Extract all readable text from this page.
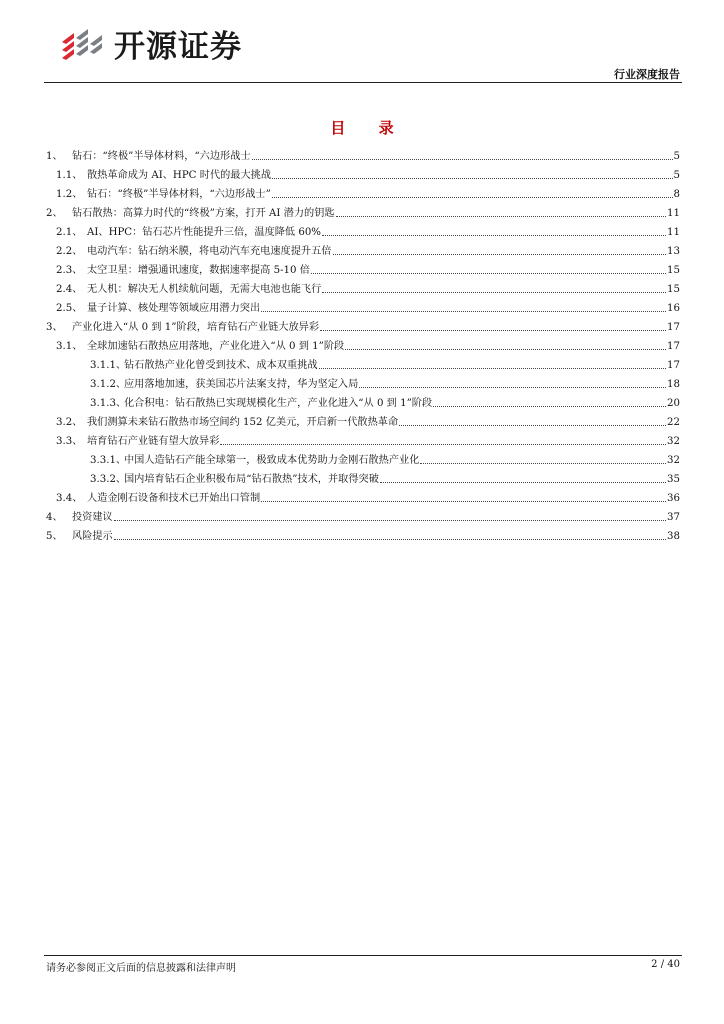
开源证券
行业深度报告
目 录
1、 钻石：“终极”半导体材料，“六边形战士	5
1.1、 散热革命成为 AI、HPC 时代的最大挑战	5
1.2、 钻石：“终极”半导体材料，“六边形战士”	8
2、 钻石散热：高算力时代的“终极”方案，打开 AI 潜力的钥匙	11
2.1、 AI、HPC：钻石芯片性能提升三倍，温度降低 60%	11
2.2、 电动汽车：钻石纳米膜，将电动汽车充电速度提升五倍	13
2.3、 太空卫星：增强通讯速度，数据速率提高 5-10 倍	15
2.4、 无人机：解决无人机续航问题，无需大电池也能飞行	15
2.5、 量子计算、核处理等领域应用潜力突出	16
3、 产业化进入“从 0 到 1”阶段，培育钻石产业链大放异彩	17
3.1、 全球加速钻石散热应用落地，产业化进入“从 0 到 1”阶段	17
3.1.1、
钻石散热产业化曾受到技术、成本双重挑战	17
3.1.2、
应用落地加速，获美国芯片法案支持，华为坚定入局	18
3.1.3、
化合积电：钻石散热已实现规模化生产，产业化进入“从 0 到 1”阶段	20
3.2、 我们测算未来钻石散热市场空间约 152 亿美元，开启新一代散热革命	22
3.3、 培育钻石产业链有望大放异彩	32
3.3.1、
中国人造钻石产能全球第一，极致成本优势助力金刚石散热产业化	32
3.3.2、
国内培育钻石企业积极布局“钻石散热”技术，并取得突破	35
3.4、 人造金刚石设备和技术已开始出口管制	36
4、 投资建议	37
5、 风险提示	38
请务必参阅正文后面的信息披露和法律声明	2 / 40
